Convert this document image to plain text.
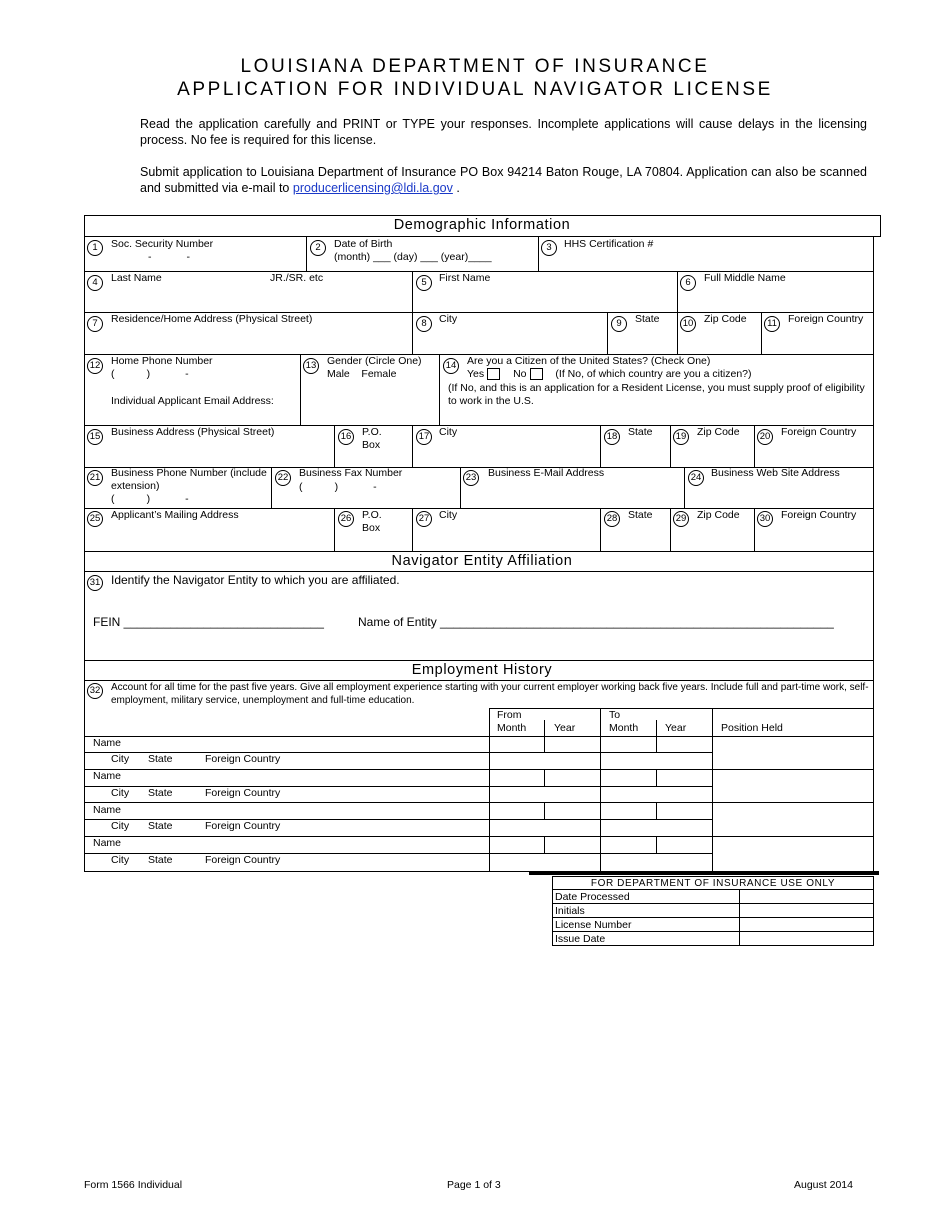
LOUISIANA DEPARTMENT OF INSURANCE
APPLICATION FOR INDIVIDUAL NAVIGATOR LICENSE
Read the application carefully and PRINT or TYPE your responses. Incomplete applications will cause delays in the licensing process. No fee is required for this license.
Submit application to Louisiana Department of Insurance PO Box 94214 Baton Rouge, LA 70804. Application can also be scanned and submitted via e-mail to producerlicensing@ldi.la.gov .
Demographic Information
1	Soc. Security Number
-            -
2	Date of Birth
(month) ___ (day) ___ (year)____
3	HHS Certification #
4	Last Name	JR./SR. etc	5	First Name	6	Full Middle Name
7	Residence/Home Address (Physical Street)	8	City	9	State 10 Zip Code	11 Foreign Country
12 Home Phone Number
(           )            -
Individual Applicant Email Address:
13 Gender (Circle One)
Male    Female
14 Are you a Citizen of the United States? (Check One)
Yes	No	(If No, of which country are you a citizen?)
(If No, and this is an application for a Resident License, you must supply proof of eligibility to work in the U.S.
15 Business Address (Physical Street)	16 P.O. Box
17 City	18 State 19 Zip Code 20 Foreign Country
21 Business Phone Number (include extension)
(           )            -
22 Business Fax Number
(           )            -
23 Business E-Mail Address	24 Business Web Site Address
25 Applicant’s Mailing Address	26 P.O. Box
27 City	28 State 29 Zip Code 30 Foreign Country
Navigator Entity Affiliation
31 Identify the Navigator Entity to which you are affiliated.
FEIN ______________________________	Name of Entity ___________________________________________________________
Employment History
32 Account for all time for the past five years. Give all employment experience starting with your current employer working back five years. Include full and part-time work, self-employment, military service, unemployment and full-time education.
From
Month	Year
To
Month	Year	Position Held
Name
City State	Foreign Country
Name
City State	Foreign Country
Name
City State	Foreign Country
Name
City State	Foreign Country
FOR DEPARTMENT OF INSURANCE USE ONLY
Date Processed	
Initials	
License Number	
Issue Date	
Form 1566 Individual	Page 1 of 3	August 2014
